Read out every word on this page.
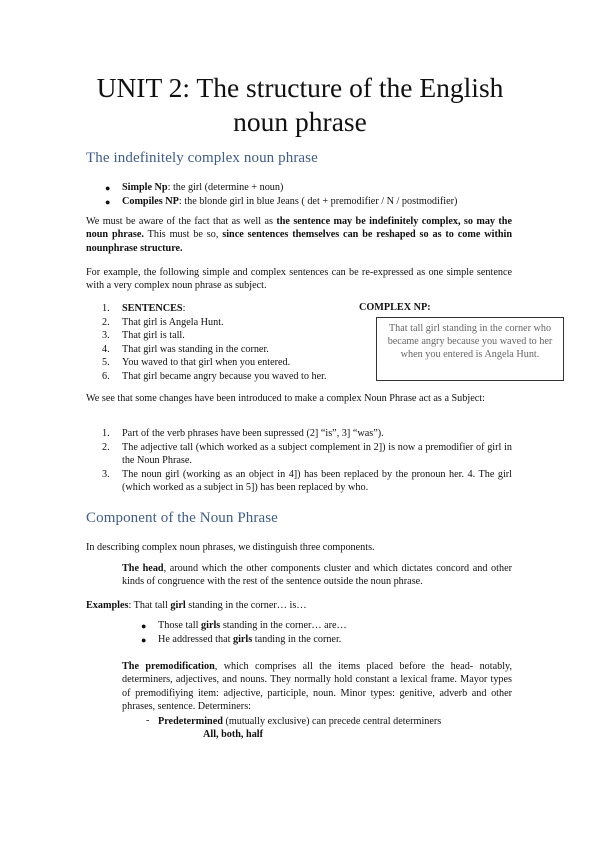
UNIT 2: The structure of the English noun phrase
The indefinitely complex noun phrase
● Simple Np: the girl (determine + noun)
● Compiles NP: the blonde girl in blue Jeans ( det + premodifier / N / postmodifier)

We must be aware of the fact that as well as the sentence may be indefinitely complex, so may the noun phrase. This must be so, since sentences themselves can be reshaped so as to come within nounphrase structure.

For example, the following simple and complex sentences can be re-expressed as one simple sentence with a very complex noun phrase as subject.

1. SENTENCES:
2. That girl is Angela Hunt.
3. That girl is tall.
4. That girl was standing in the corner.
5. You waved to that girl when you entered.
6. That girl became angry because you waved to her.
COMPLEX NP:
That tall girl standing in the corner who became angry because you waved to her when you entered is Angela Hunt.

We see that some changes have been introduced to make a complex Noun Phrase act as a Subject:

1. Part of the verb phrases have been supressed (2] “is”, 3] “was”).
2. The adjective tall (which worked as a subject complement in 2]) is now a premodifier of girl in the Noun Phrase.
3. The noun girl (working as an object in 4]) has been replaced by the pronoun her. 4. The girl (which worked as a subject in 5]) has been replaced by who.
Component of the Noun Phrase

In describing complex noun phrases, we distinguish three components.

The head, around which the other components cluster and which dictates concord and other kinds of congruence with the rest of the sentence outside the noun phrase.

Examples: That tall girl standing in the corner… is…

● Those tall girls standing in the corner… are…
● He addressed that girls tanding in the corner.

The premodification, which comprises all the items placed before the head- notably, determiners, adjectives, and nouns. They normally hold constant a lexical frame. Mayor types of premodifiying item: adjective, participle, noun. Minor types: genitive, adverb and other phrases, sentence. Determiners:

- Predetermined (mutually exclusive) can precede central determiners

All, both, half
